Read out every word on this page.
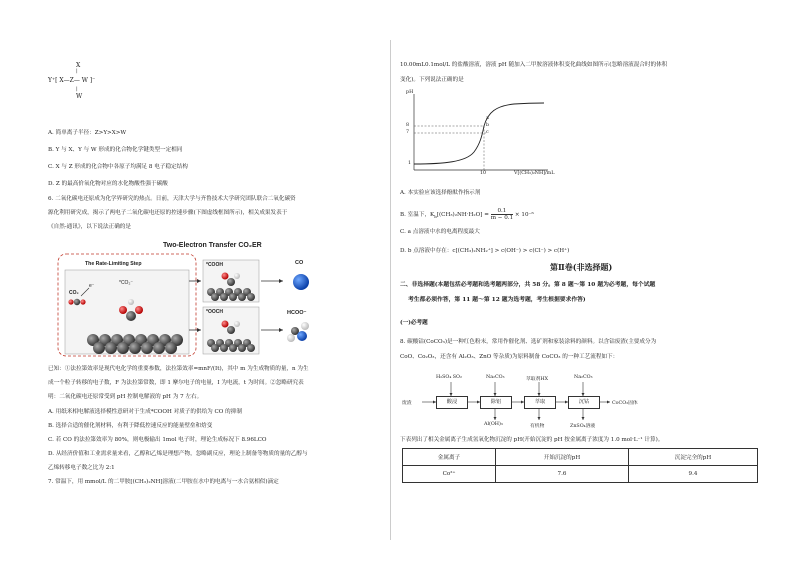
X
|
Y⁺[ X—Z— W ]⁻
|
W
A. 简单离子半径：Z>Y>X>W
B. Y 与 X、Y 与 W 形成的化合物化学键类型一定相同
C. X 与 Z 形成的化合物中各原子均满足 8 电子稳定结构
D. Z 的最高价氧化物对应的水化物酸性强于碳酸
6. 二氧化碳电还原成为化学界研究的热点。日前，天津大学与齐鲁技术大学研究团队联合二氧化碳资
源化利用研究成，揭示了两电子二氧化碳电还原的控速步骤(下图虚线框图所示)，相关成果发表于
《自然-通讯》，以下说法正确的是
Two-Electron Transfer CO₂ER
The Rate-Limiting Step
CO₂
e⁻	*CO₂⁻
*COOH
*OOCH
CO
HCOO⁻
已知：①法拉第效率是现代电化学的重要参数，法拉第效率=mnF/(It)，其中 m 为生成物质的量，n 为生
成一个粒子转移的电子数，F 为法拉第常数，即 1 摩尔电子的电量，I 为电流，t 为时间。②忽略研究表
明：二氧化碳电还原常受到 pH 控制电解液的 pH 为 7 左右。
A. 用纸米相电解液选择模性意研对于生成*COOH 对质子的供给为 CO 的抑制
B. 选择合适的催化剂材料，有利于降低控速反应的能量壁垒和焓变
C. 若 CO 的法拉第效率为 80%，则电极输出 1mol 电子时，理论生成标况下 8.96LCO
D. 从经济价值和工业需求量来看，乙醇和乙烯是理想产物，忽略副反应，理论上制备等物质的量的乙醇与
乙烯转移电子数之比为 2:1
7. 常温下，用 mmol/L 的二甲胺[(CH₃)₂NH]溶液(二甲胺在水中的电离与一水合氨相似)滴定
10.00mL0.1mol/L 的盐酸溶液，溶液 pH 随加入二甲胺溶液体积变化曲线如图所示(忽略溶液混合时的体积
变化)。下列说法正确的是
pH
8
7
1
10	V[(CH₃)₂NH]/mL
a
b
c
A. 本实验应该选择酚酞作指示剂
B. 室温下，$K_b[(CH_3)_2NH\cdot H_2O] = \frac{0.1}{m - 0.1} \times 10^{-6}$
C. a 点溶液中水的电离程度最大
D. b 点溶液中存在：c[(CH₃)₂NH₂⁺] > c(OH⁻) > c(Cl⁻) > c(H⁺)
第Ⅱ卷(非选择题)
二、非选择题(本题包括必考题和选考题两部分，共 58 分。第 8 题～第 10 题为必考题，每个试题
考生都必须作答，第 11 题～第 12 题为选考题，考生根据要求作答)
(一)必考题
8. 碳酸钴(CoCO₃)是一种红色粉末，常用作催化剂、选矿剂和家装涂料的颜料。以含钴废渣(主要成分为
CoO、Co₂O₃，还含有 Al₂O₃、ZnO 等杂质)为原料制备 CoCO₃ 的一种工艺流程如下：
H₂SO₄ SO₂	Na₂CO₃	萃取剂HX	Na₂CO₃
废渣	酸浸	除铝	萃取	沉钴	CoCO₃固体
Al(OH)₃	有机物	ZnSO₄溶液
下表列出了相关金属离子生成氢氧化物沉淀的 pH(开始沉淀的 pH 按金属离子浓度为 1.0 mol·L⁻¹ 计算)。
金属离子	开始沉淀的pH	沉淀完全的pH
Co²⁺	7.6	9.4
